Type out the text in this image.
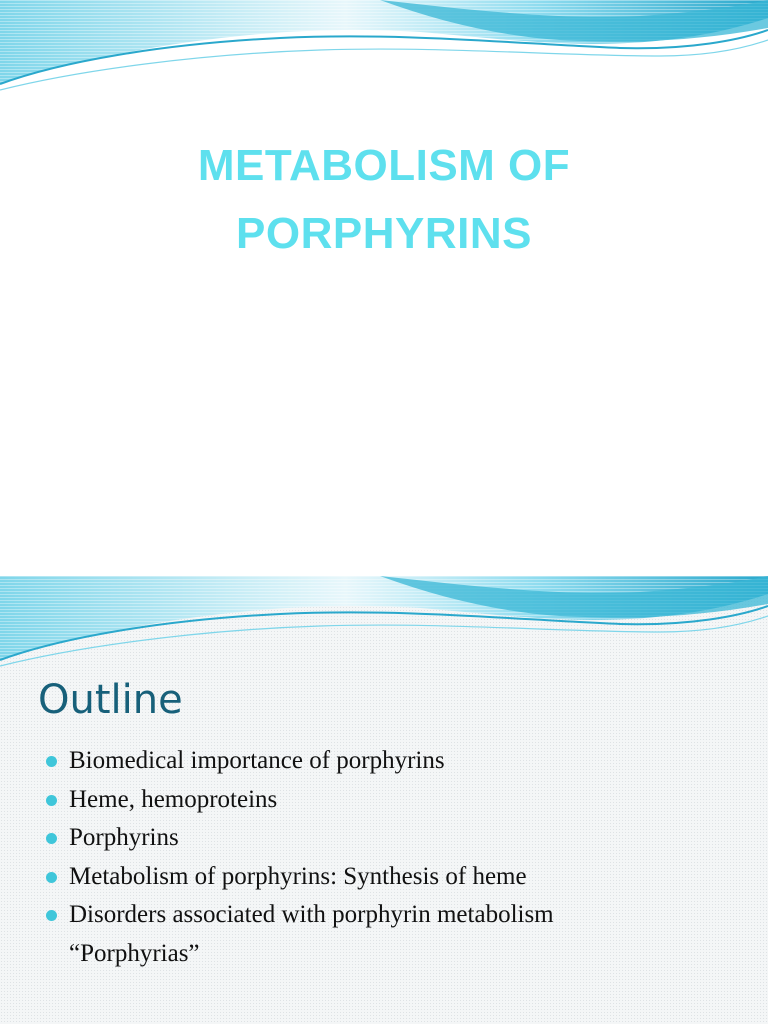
METABOLISM OF
PORPHYRINS
Outline
Biomedical importance of porphyrins
Heme, hemoproteins
Porphyrins
Metabolism of porphyrins: Synthesis of heme
Disorders associated with porphyrin metabolism
“Porphyrias”
